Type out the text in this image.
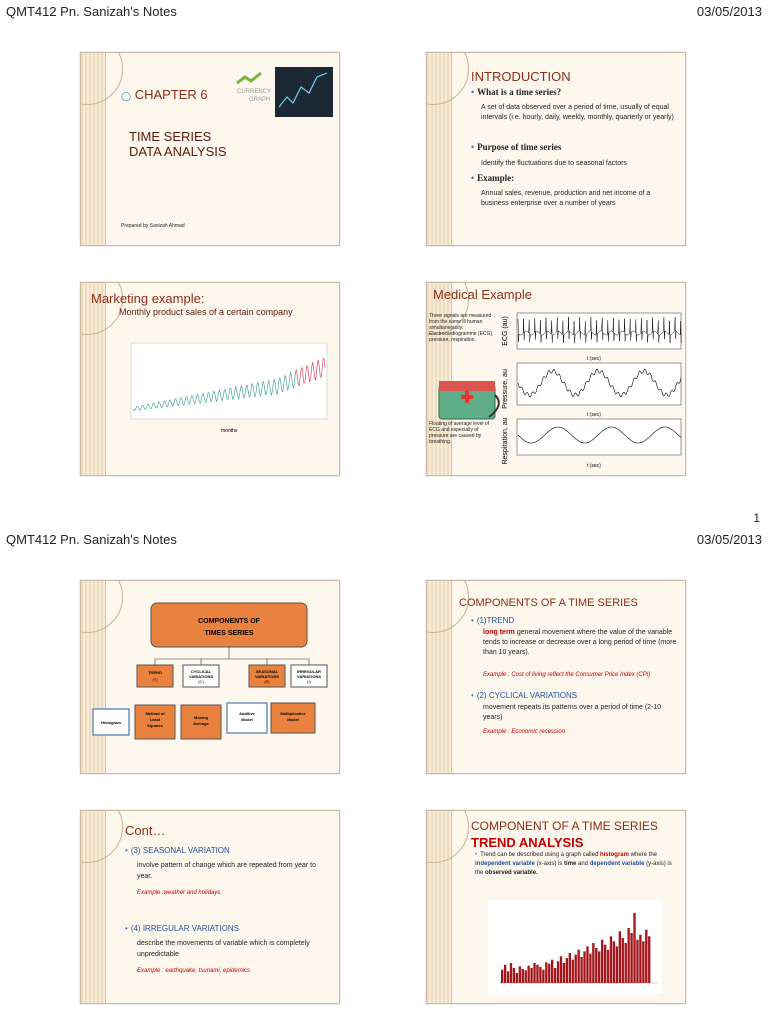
QMT412 Pn. Sanizah's Notes	03/05/2013
◯ CHAPTER 6	CURRENCY
GRAPH
TIME SERIES
DATA ANALYSIS
Prepared by Sanizah Ahmad
INTRODUCTION
• What is a time series?
A set of data observed over a period of time, usually of equal intervals (i.e. hourly, daily, weekly, monthly, quarterly or yearly)
• Purpose of time series
Identify the fluctuations due to seasonal factors
• Example:
Annual sales, revenue, production and net income of a business enterprise over a number of years
Marketing example:
Monthly product sales of a certain company
months
Medical Example
Three signals are measured from the same ill human simultaneously: Electrocardiogramme (ECG), pressure, respiration.
Floating of average level of ECG and especially of pressure are caused by breathing.
ECG (au)
Pressure, au
Respiration, au
t (sec)
t (sec)
t (sec)
1
QMT412 Pn. Sanizah's Notes	03/05/2013
COMPONENTS OF
TIMES SERIES
TREND
(T)
CYCLICAL
VARIATIONS
(C)
SEASONAL
VARIATIONS
(S)
IRREGULAR
VARIATIONS
(I)
Histogram
Method of
Least
Squares
Moving
Average
Additive
Model
Multiplicative
Model
COMPONENTS OF A TIME SERIES
• (1)TREND
long term general movement where the value of the variable tends to increase or decrease over a long period of time (more than 10 years).
Example : Cost of living reflect the Consumer Price Index (CPI)
• (2) CYCLICAL VARIATIONS
movement repeats its patterns over a period of time (2-10 years)
Example : Economic recession
Cont…
• (3) SEASONAL VARIATION
involve pattern of change which are repeated from year to year.
Example :weather and holidays
• (4) IRREGULAR VARIATIONS
describe the movements of variable which is completely unpredictable
Example : earthquake, tsunami, epidemics
COMPONENT OF A TIME SERIES
TREND ANALYSIS
• Trend can be described using a graph called histogram where the independent variable (x-axis) is time and dependent variable (y-axis) is the observed variable.
